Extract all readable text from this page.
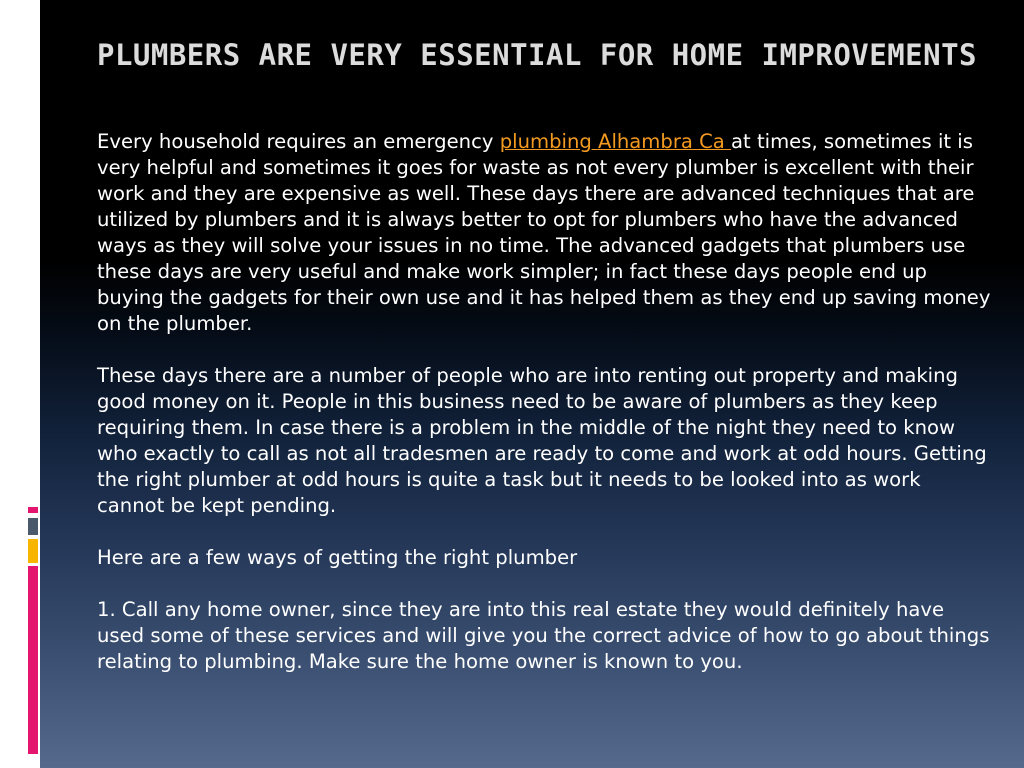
PLUMBERS ARE VERY ESSENTIAL FOR HOME IMPROVEMENTS

Every household requires an emergency plumbing Alhambra Ca at times, sometimes it is very helpful and sometimes it goes for waste as not every plumber is excellent with their work and they are expensive as well. These days there are advanced techniques that are utilized by plumbers and it is always better to opt for plumbers who have the advanced ways as they will solve your issues in no time. The advanced gadgets that plumbers use these days are very useful and make work simpler; in fact these days people end up buying the gadgets for their own use and it has helped them as they end up saving money on the plumber.

These days there are a number of people who are into renting out property and making good money on it. People in this business need to be aware of plumbers as they keep requiring them. In case there is a problem in the middle of the night they need to know who exactly to call as not all tradesmen are ready to come and work at odd hours. Getting the right plumber at odd hours is quite a task but it needs to be looked into as work cannot be kept pending.

Here are a few ways of getting the right plumber

1. Call any home owner, since they are into this real estate they would definitely have used some of these services and will give you the correct advice of how to go about things relating to plumbing. Make sure the home owner is known to you.
